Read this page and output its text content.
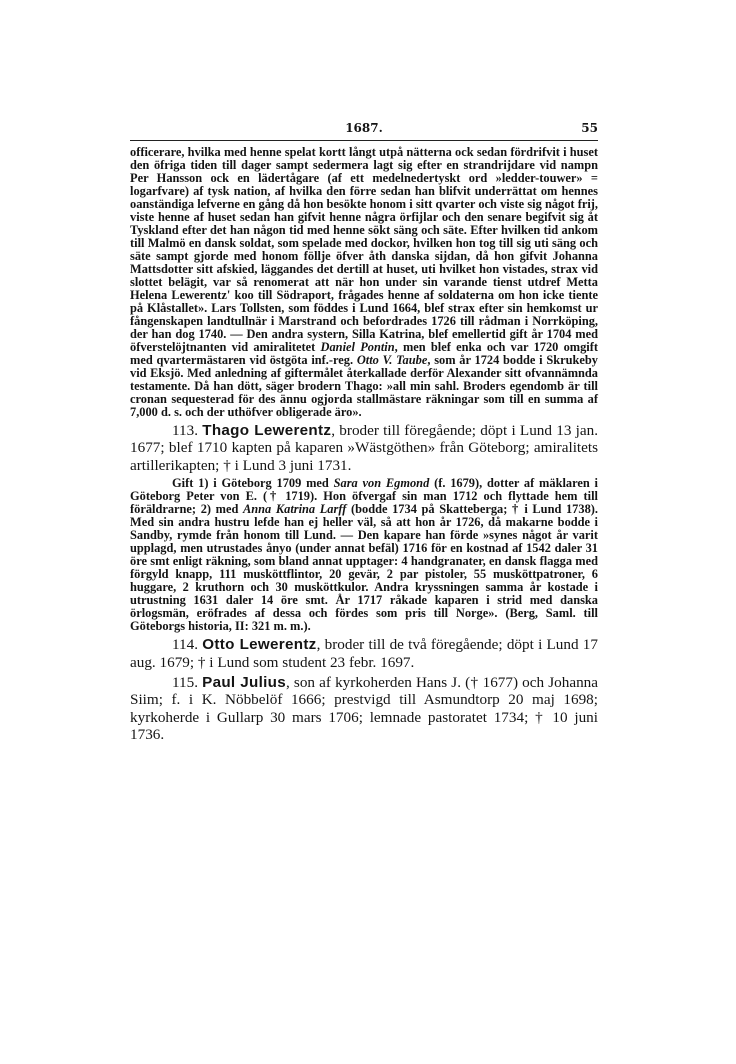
1687.	55

officerare, hvilka med henne spelat kortt långt utpå nätterna ock sedan fördrifvit i huset den öfriga tiden till dager sampt sedermera lagt sig efter en strandrijdare vid nampn Per Hansson ock en lädertågare (af ett medelnedertyskt ord »ledder-touwer» = logarfvare) af tysk nation, af hvilka den förre sedan han blifvit underrättat om hennes oanständiga lefverne en gång då hon besökte honom i sitt qvarter och viste sig något frij, viste henne af huset sedan han gifvit henne några örfijlar och den senare begifvit sig åt Tyskland efter det han någon tid med henne sökt säng och säte. Efter hvilken tid ankom till Malmö en dansk soldat, som spelade med dockor, hvilken hon tog till sig uti säng och säte sampt gjorde med honom föllje öfver åth danska sijdan, då hon gifvit Johanna Mattsdotter sitt afskied, läggandes det dertill at huset, uti hvilket hon vistades, strax vid slottet belägit, var så renomerat att när hon under sin varande tienst utdref Metta Helena Lewerentz' koo till Södraport, frågades henne af soldaterna om hon icke tiente på Klåstallet». Lars Tollsten, som föddes i Lund 1664, blef strax efter sin hemkomst ur fångenskapen landtullnär i Marstrand och befordrades 1726 till rådman i Norrköping, der han dog 1740. — Den andra systern, Silla Katrina, blef emellertid gift år 1704 med öfverstelöjtnanten vid amiralitetet Daniel Pontin, men blef enka och var 1720 omgift med qvartermästaren vid östgöta inf.-reg. Otto V. Taube, som år 1724 bodde i Skrukeby vid Eksjö. Med anledning af giftermålet återkallade derför Alexander sitt ofvannämnda testamente. Då han dött, säger brodern Thago: »all min sahl. Broders egendomb är till cronan sequesterad för des ännu ogjorda stallmästare räkningar som till en summa af 7,000 d. s. och der uthöfver obligerade äro».

113. Thago Lewerentz, broder till föregående; döpt i Lund 13 jan. 1677; blef 1710 kapten på kaparen »Wästgöthen» från Göteborg; amiralitets artillerikapten; † i Lund 3 juni 1731.

Gift 1) i Göteborg 1709 med Sara von Egmond (f. 1679), dotter af mäklaren i Göteborg Peter von E. († 1719). Hon öfvergaf sin man 1712 och flyttade hem till föräldrarne; 2) med Anna Katrina Larff (bodde 1734 på Skatteberga; † i Lund 1738). Med sin andra hustru lefde han ej heller väl, så att hon år 1726, då makarne bodde i Sandby, rymde från honom till Lund. — Den kapare han förde »synes något år varit upplagd, men utrustades ånyo (under annat befäl) 1716 för en kostnad af 1542 daler 31 öre smt enligt räkning, som bland annat upptager: 4 handgranater, en dansk flagga med förgyld knapp, 111 musköttflintor, 20 gevär, 2 par pistoler, 55 musköttpatroner, 6 huggare, 2 kruthorn och 30 musköttkulor. Andra kryssningen samma år kostade i utrustning 1631 daler 14 öre smt. År 1717 råkade kaparen i strid med danska örlogsmän, eröfrades af dessa och fördes som pris till Norge». (Berg, Saml. till Göteborgs historia, II: 321 m. m.).

114. Otto Lewerentz, broder till de två föregående; döpt i Lund 17 aug. 1679; † i Lund som student 23 febr. 1697.

115. Paul Julius, son af kyrkoherden Hans J. († 1677) och Johanna Siim; f. i K. Nöbbelöf 1666; prestvigd till Asmundtorp 20 maj 1698; kyrkoherde i Gullarp 30 mars 1706; lemnade pastoratet 1734; † 10 juni 1736.
